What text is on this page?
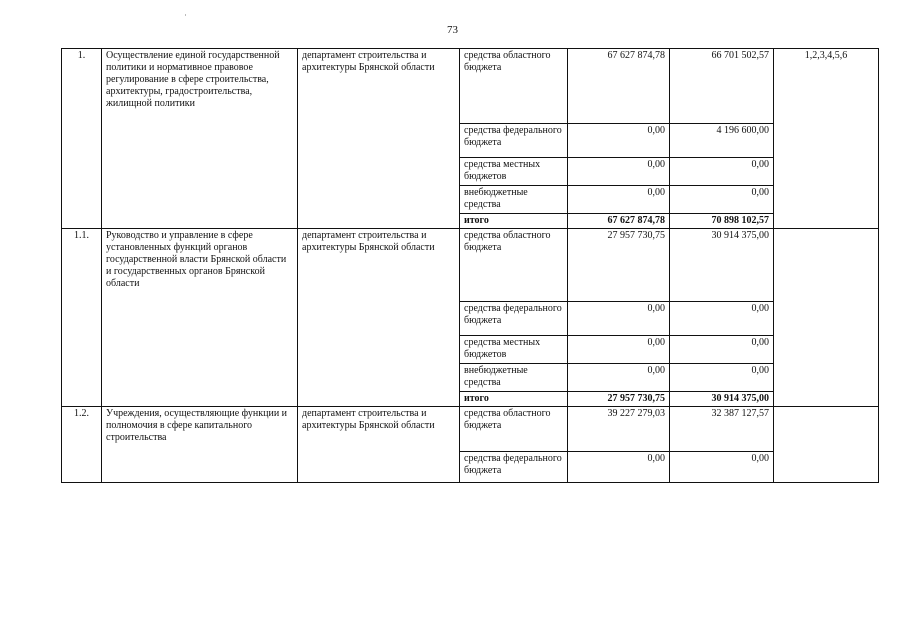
73
1.	Осуществление единой государственной политики и нормативное правовое регулирование в сфере строительства, архитектуры, градостроительства, жилищной политики	департамент строительства и архитектуры Брянской области	средства областного бюджета	67 627 874,78	66 701 502,57	1,2,3,4,5,6
			средства федерального бюджета	0,00	4 196 600,00	
			средства местных бюджетов	0,00	0,00	
			внебюджетные средства	0,00	0,00	
			итого	67 627 874,78	70 898 102,57	
1.1.	Руководство и управление в сфере установленных функций органов государственной власти Брянской области и государственных органов Брянской области	департамент строительства и архитектуры Брянской области	средства областного бюджета	27 957 730,75	30 914 375,00	
			средства федерального бюджета	0,00	0,00	
			средства местных бюджетов	0,00	0,00	
			внебюджетные средства	0,00	0,00	
			итого	27 957 730,75	30 914 375,00	
1.2.	Учреждения, осуществляющие функции и полномочия в сфере капитального строительства	департамент строительства и архитектуры Брянской области	средства областного бюджета	39 227 279,03	32 387 127,57	
			средства федерального бюджета	0,00	0,00	
